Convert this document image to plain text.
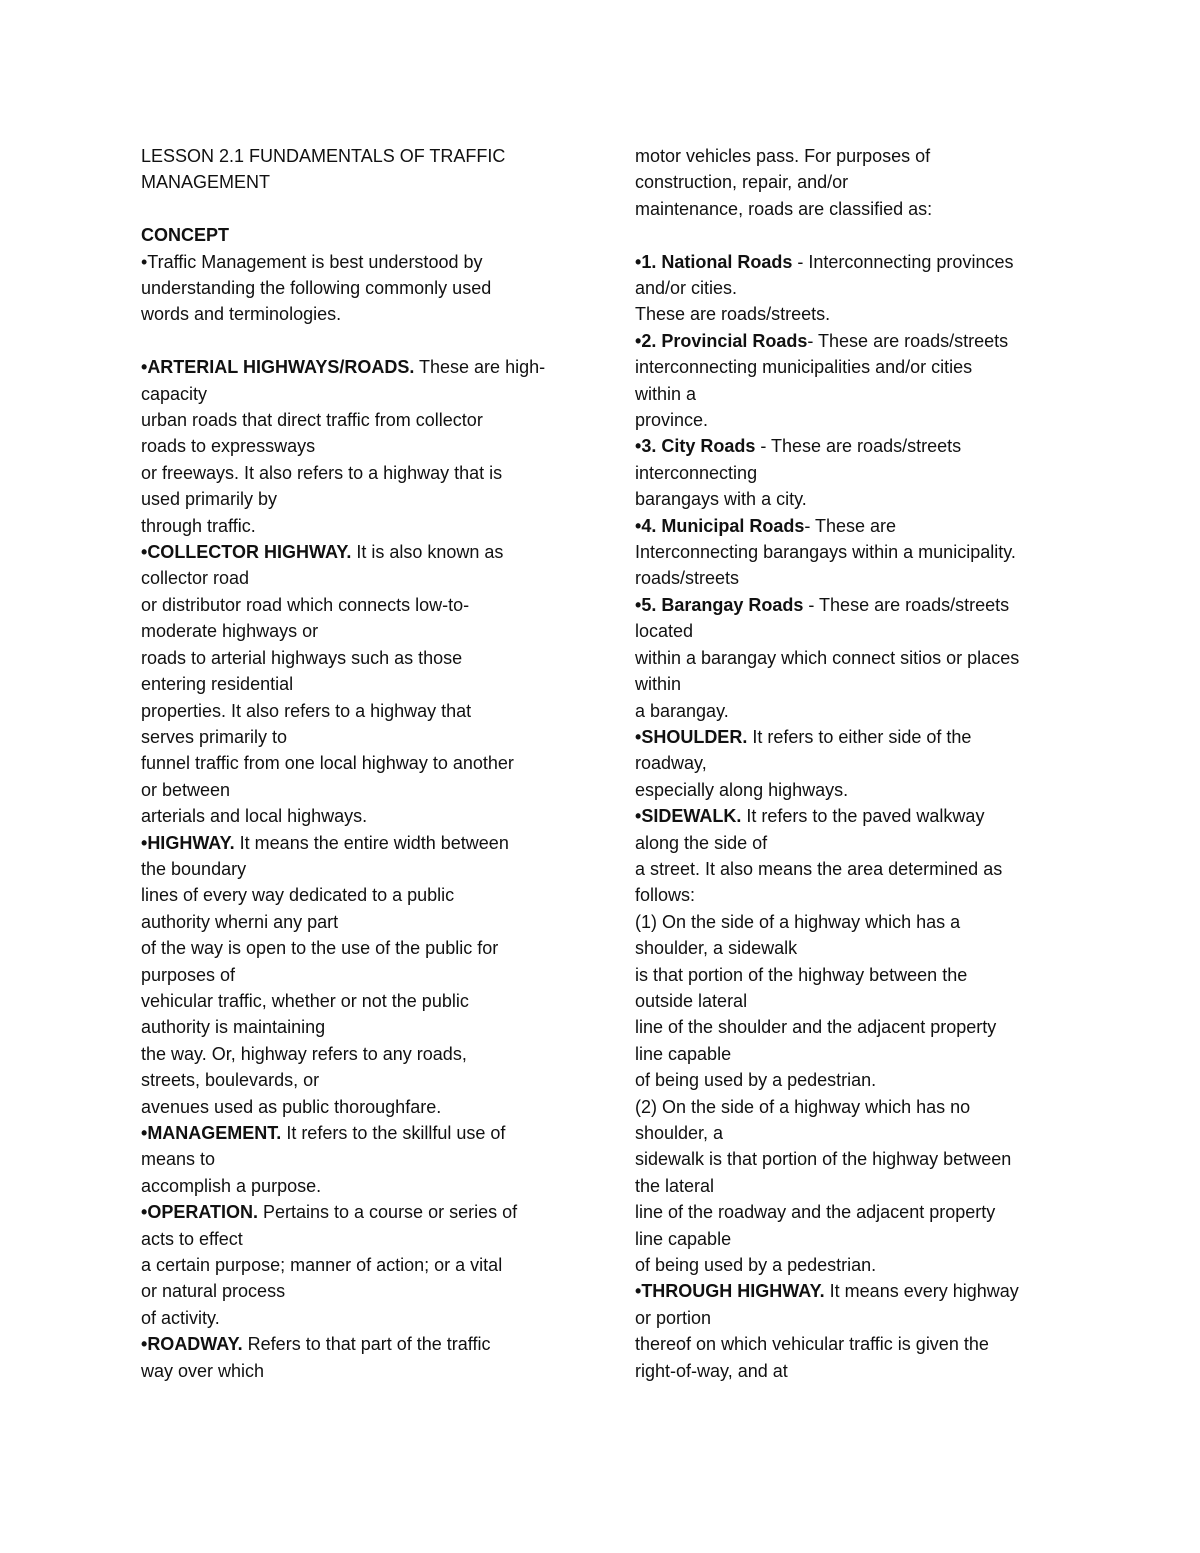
LESSON 2.1 FUNDAMENTALS OF TRAFFIC
MANAGEMENT
CONCEPT
•Traffic Management is best understood by
understanding the following commonly used
words and terminologies.
•ARTERIAL HIGHWAYS/ROADS. These are high-
capacity
urban roads that direct traffic from collector
roads to expressways
or freeways. It also refers to a highway that is
used primarily by
through traffic.
•COLLECTOR HIGHWAY. It is also known as
collector road
or distributor road which connects low-to-
moderate highways or
roads to arterial highways such as those
entering residential
properties. It also refers to a highway that
serves primarily to
funnel traffic from one local highway to another
or between
arterials and local highways.
•HIGHWAY. It means the entire width between
the boundary
lines of every way dedicated to a public
authority wherni any part
of the way is open to the use of the public for
purposes of
vehicular traffic, whether or not the public
authority is maintaining
the way. Or, highway refers to any roads,
streets, boulevards, or
avenues used as public thoroughfare.
•MANAGEMENT. It refers to the skillful use of
means to
accomplish a purpose.
•OPERATION. Pertains to a course or series of
acts to effect
a certain purpose; manner of action; or a vital
or natural process
of activity.
•ROADWAY. Refers to that part of the traffic
way over which
motor vehicles pass. For purposes of
construction, repair, and/or
maintenance, roads are classified as:
•1. National Roads - Interconnecting provinces
and/or cities.
These are roads/streets.
•2. Provincial Roads- These are roads/streets
interconnecting municipalities and/or cities
within a
province.
•3. City Roads - These are roads/streets
interconnecting
barangays with a city.
•4. Municipal Roads- These are
Interconnecting barangays within a municipality.
roads/streets
•5. Barangay Roads - These are roads/streets
located
within a barangay which connect sitios or places
within
a barangay.
•SHOULDER. It refers to either side of the
roadway,
especially along highways.
•SIDEWALK. It refers to the paved walkway
along the side of
a street. It also means the area determined as
follows:
(1) On the side of a highway which has a
shoulder, a sidewalk
is that portion of the highway between the
outside lateral
line of the shoulder and the adjacent property
line capable
of being used by a pedestrian.
(2) On the side of a highway which has no
shoulder, a
sidewalk is that portion of the highway between
the lateral
line of the roadway and the adjacent property
line capable
of being used by a pedestrian.
•THROUGH HIGHWAY. It means every highway
or portion
thereof on which vehicular traffic is given the
right-of-way, and at
